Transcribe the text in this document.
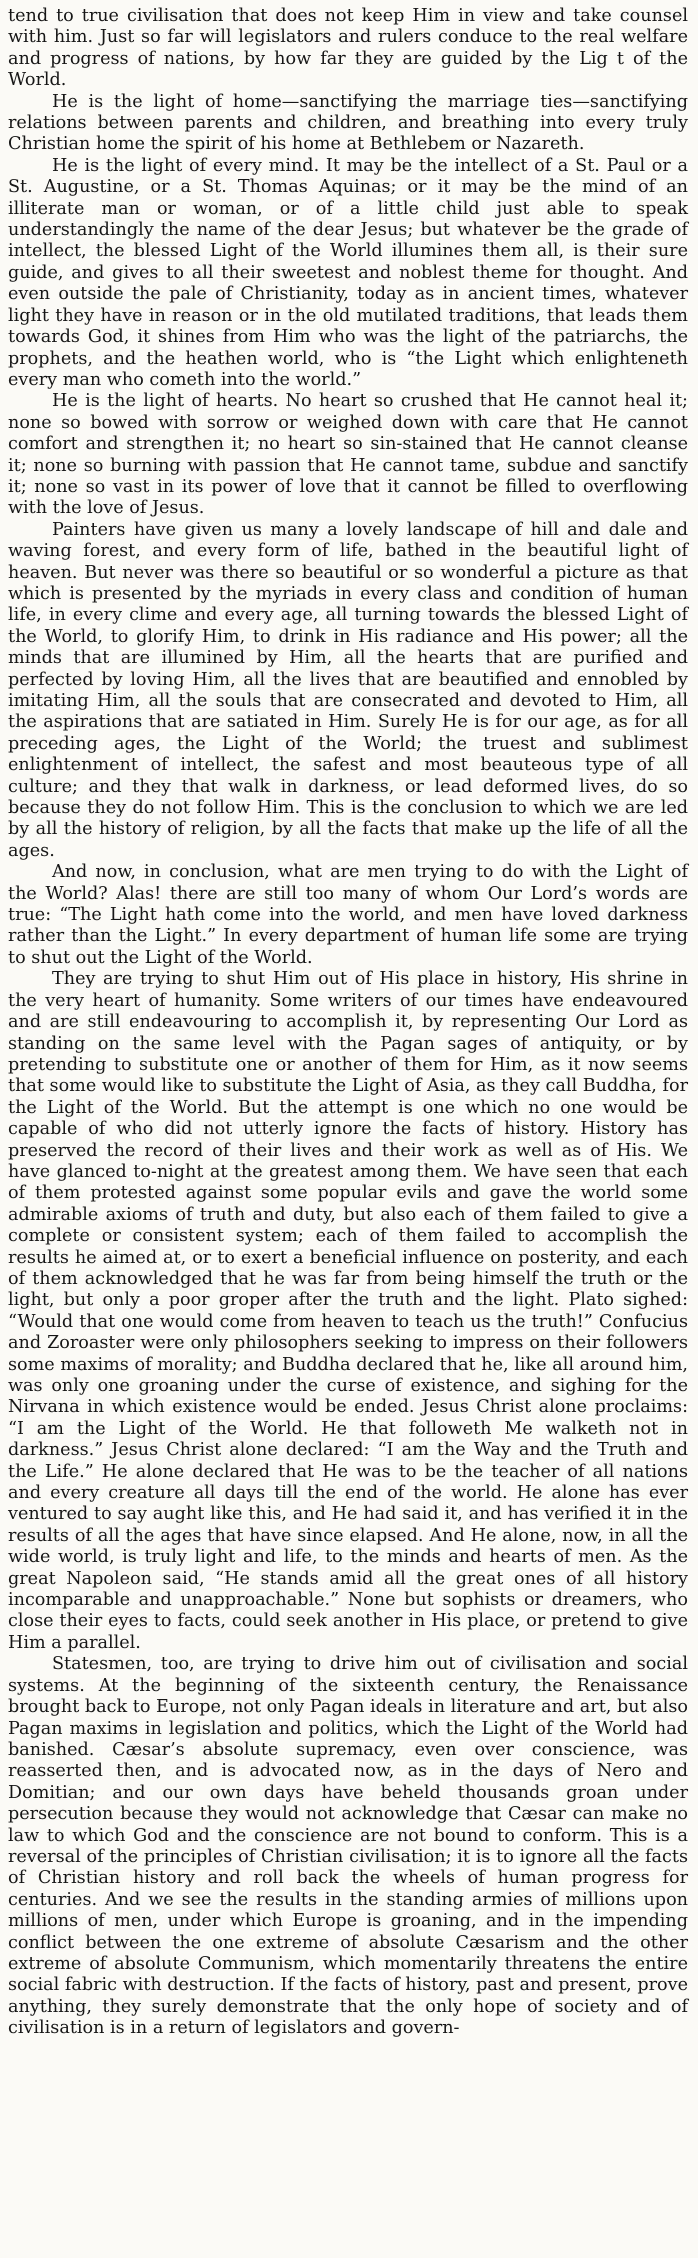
tend to true civilisation that does not keep Him in view and take counsel with him. Just so far will legislators and rulers conduce to the real welfare and progress of nations, by how far they are guided by the Lig t of the World.

He is the light of home—sanctifying the marriage ties—sanctifying relations between parents and children, and breathing into every truly Christian home the spirit of his home at Bethlebem or Nazareth.

He is the light of every mind. It may be the intellect of a St. Paul or a St. Augustine, or a St. Thomas Aquinas; or it may be the mind of an illiterate man or woman, or of a little child just able to speak understandingly the name of the dear Jesus; but whatever be the grade of intellect, the blessed Light of the World illumines them all, is their sure guide, and gives to all their sweetest and noblest theme for thought. And even outside the pale of Christianity, today as in ancient times, whatever light they have in reason or in the old mutilated traditions, that leads them towards God, it shines from Him who was the light of the patriarchs, the prophets, and the heathen world, who is “the Light which enlighteneth every man who cometh into the world.”

He is the light of hearts. No heart so crushed that He cannot heal it; none so bowed with sorrow or weighed down with care that He cannot comfort and strengthen it; no heart so sin-stained that He cannot cleanse it; none so burning with passion that He cannot tame, subdue and sanctify it; none so vast in its power of love that it cannot be filled to overflowing with the love of Jesus.

Painters have given us many a lovely landscape of hill and dale and waving forest, and every form of life, bathed in the beautiful light of heaven. But never was there so beautiful or so wonderful a picture as that which is presented by the myriads in every class and condition of human life, in every clime and every age, all turning towards the blessed Light of the World, to glorify Him, to drink in His radiance and His power; all the minds that are illumined by Him, all the hearts that are purified and perfected by loving Him, all the lives that are beautified and ennobled by imitating Him, all the souls that are consecrated and devoted to Him, all the aspirations that are satiated in Him. Surely He is for our age, as for all preceding ages, the Light of the World; the truest and sublimest enlightenment of intellect, the safest and most beauteous type of all culture; and they that walk in darkness, or lead deformed lives, do so because they do not follow Him. This is the conclusion to which we are led by all the history of religion, by all the facts that make up the life of all the ages.

And now, in conclusion, what are men trying to do with the Light of the World? Alas! there are still too many of whom Our Lord’s words are true: “The Light hath come into the world, and men have loved darkness rather than the Light.” In every department of human life some are trying to shut out the Light of the World.

They are trying to shut Him out of His place in history, His shrine in the very heart of humanity. Some writers of our times have endeavoured and are still endeavouring to accomplish it, by representing Our Lord as standing on the same level with the Pagan sages of antiquity, or by pretending to substitute one or another of them for Him, as it now seems that some would like to substitute the Light of Asia, as they call Buddha, for the Light of the World. But the attempt is one which no one would be capable of who did not utterly ignore the facts of history. History has preserved the record of their lives and their work as well as of His. We have glanced to-night at the greatest among them. We have seen that each of them protested against some popular evils and gave the world some admirable axioms of truth and duty, but also each of them failed to give a complete or consistent system; each of them failed to accomplish the results he aimed at, or to exert a beneficial influence on posterity, and each of them acknowledged that he was far from being himself the truth or the light, but only a poor groper after the truth and the light. Plato sighed: “Would that one would come from heaven to teach us the truth!” Confucius and Zoroaster were only philosophers seeking to impress on their followers some maxims of morality; and Buddha declared that he, like all around him, was only one groaning under the curse of existence, and sighing for the Nirvana in which existence would be ended. Jesus Christ alone proclaims: “I am the Light of the World. He that followeth Me walketh not in darkness.” Jesus Christ alone declared: “I am the Way and the Truth and the Life.” He alone declared that He was to be the teacher of all nations and every creature all days till the end of the world. He alone has ever ventured to say aught like this, and He had said it, and has verified it in the results of all the ages that have since elapsed. And He alone, now, in all the wide world, is truly light and life, to the minds and hearts of men. As the great Napoleon said, “He stands amid all the great ones of all history incomparable and unapproachable.” None but sophists or dreamers, who close their eyes to facts, could seek another in His place, or pretend to give Him a parallel.

Statesmen, too, are trying to drive him out of civilisation and social systems. At the beginning of the sixteenth century, the Renaissance brought back to Europe, not only Pagan ideals in literature and art, but also Pagan maxims in legislation and politics, which the Light of the World had banished. Cæsar’s absolute supremacy, even over conscience, was reasserted then, and is advocated now, as in the days of Nero and Domitian; and our own days have beheld thousands groan under persecution because they would not acknowledge that Cæsar can make no law to which God and the conscience are not bound to conform. This is a reversal of the principles of Christian civilisation; it is to ignore all the facts of Christian history and roll back the wheels of human progress for centuries. And we see the results in the standing armies of millions upon millions of men, under which Europe is groaning, and in the impending conflict between the one extreme of absolute Cæsarism and the other extreme of absolute Communism, which momentarily threatens the entire social fabric with destruction. If the facts of history, past and present, prove anything, they surely demonstrate that the only hope of society and of civilisation is in a return of legislators and govern-
